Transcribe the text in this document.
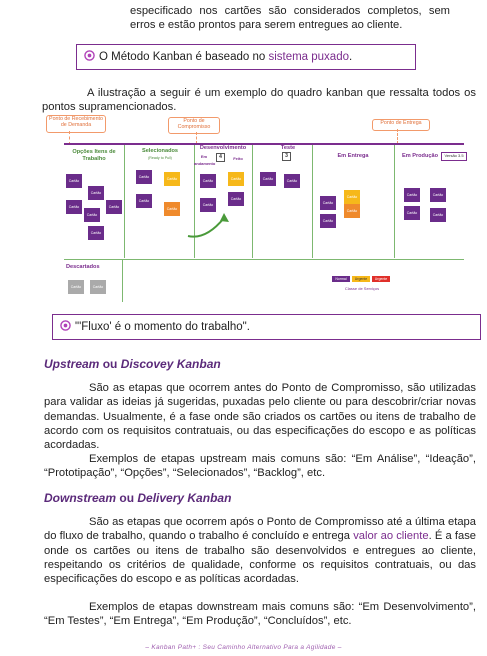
especificado nos cartões são considerados completos, sem erros e estão prontos para serem entregues ao cliente.

O Método Kanban é baseado no sistema puxado.

A ilustração a seguir é um exemplo do quadro kanban que ressalta todos os pontos supramencionados.

Ponto de Recebimento de Demanda
Ponto de Compromisso
Ponto de Entrega
Opções Itens de Trabalho
Selecionados
(Ready to Pull)
Desenvolvimento
4
Em andamento
Feito
Teste
3	Em Entrega	Em Produção	Versão 3.5
Cartão
Cartão
Cartão
Cartão
Cartão
Cartão
Cartão	Cartão
Cartão
Cartão
Cartão	Cartão
Cartão
Cartão
Cartão	Cartão
Cartão
Cartão
Cartão
Cartão
Cartão	Cartão
Cartão	Cartão
Descartados
Cartão	Cartão
Normal	Urgente	Urgente
Classe de Serviços
"'Fluxo' é o momento do trabalho".

Upstream ou Discovey Kanban

São as etapas que ocorrem antes do Ponto de Compromisso, são utilizadas para validar as ideias já sugeridas, puxadas pelo cliente ou para descobrir/criar novas demandas. Usualmente, é a fase onde são criados os cartões ou itens de trabalho de acordo com os requisitos contratuais, ou das especificações do escopo e as políticas acordadas.

Exemplos de etapas upstream mais comuns são: “Em Análise”, “Ideação”, “Prototipação”, “Opções”, “Selecionados”, “Backlog”, etc.

Downstream ou Delivery Kanban

São as etapas que ocorrem após o Ponto de Compromisso até a última etapa do fluxo de trabalho, quando o trabalho é concluído e entrega valor ao cliente. É a fase onde os cartões ou itens de trabalho são desenvolvidos e entregues ao cliente, respeitando os critérios de qualidade, conforme os requisitos contratuais, ou das especificações do escopo e as políticas acordadas.

Exemplos de etapas downstream mais comuns são: “Em Desenvolvimento”, “Em Testes”, “Em Entrega”, “Em Produção”, “Concluídos”, etc.

– Kanban Path+ : Seu Caminho Alternativo Para a Agilidade –
